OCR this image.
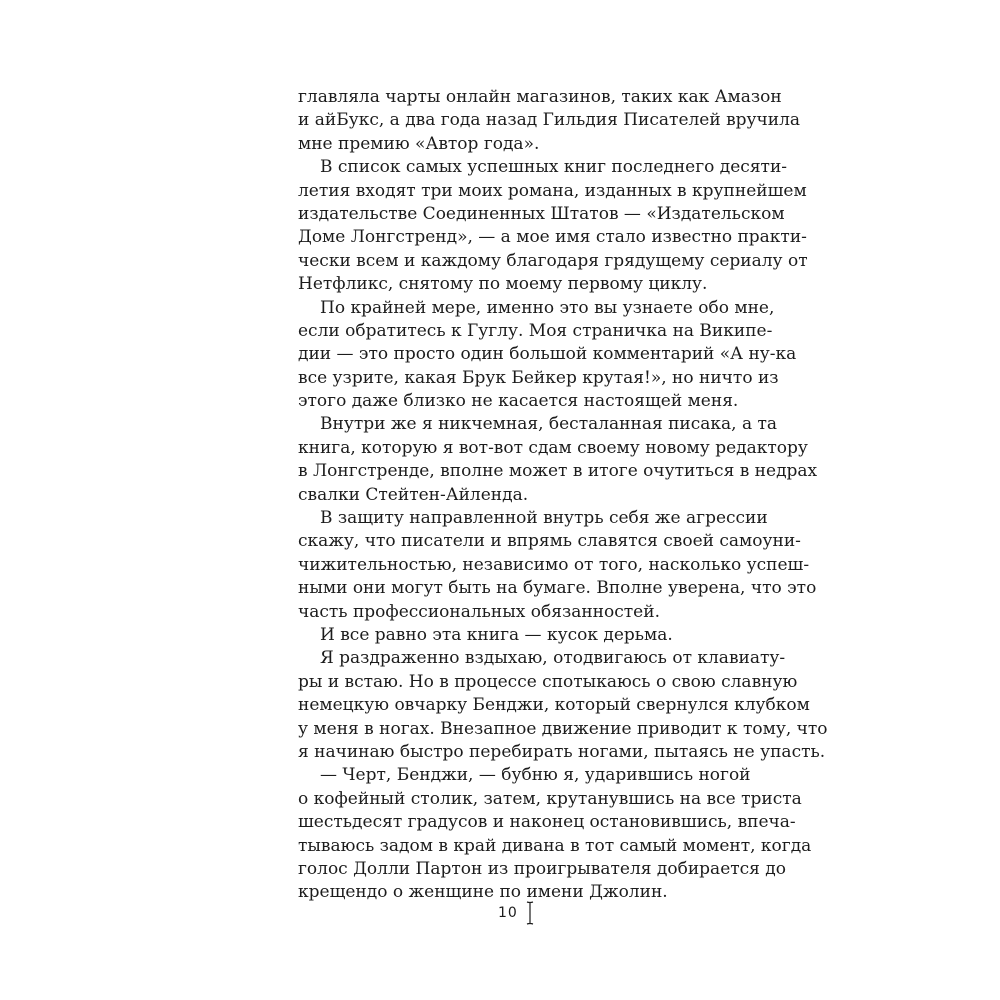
главляла чарты онлайн магазинов, таких как Амазон
и айБукс, а два года назад Гильдия Писателей вручила
мне премию «Автор года».
В список самых успешных книг последнего десяти-
летия входят три моих романа, изданных в крупнейшем
издательстве Соединенных Штатов — «Издательском
Доме Лонгстренд», — а мое имя стало известно практи-
чески всем и каждому благодаря грядущему сериалу от
Нетфликс, снятому по моему первому циклу.
По крайней мере, именно это вы узнаете обо мне,
если обратитесь к Гуглу. Моя страничка на Википе-
дии — это просто один большой комментарий «А ну-ка
все узрите, какая Брук Бейкер крутая!», но ничто из
этого даже близко не касается настоящей меня.
Внутри же я никчемная, бесталанная писака, а та
книга, которую я вот-вот сдам своему новому редактору
в Лонгстренде, вполне может в итоге очутиться в недрах
свалки Стейтен-Айленда.
В защиту направленной внутрь себя же агрессии
скажу, что писатели и впрямь славятся своей самоуни-
чижительностью, независимо от того, насколько успеш-
ными они могут быть на бумаге. Вполне уверена, что это
часть профессиональных обязанностей.
И все равно эта книга — кусок дерьма.
Я раздраженно вздыхаю, отодвигаюсь от клавиату-
ры и встаю. Но в процессе спотыкаюсь о свою славную
немецкую овчарку Бенджи, который свернулся клубком
у меня в ногах. Внезапное движение приводит к тому, что
я начинаю быстро перебирать ногами, пытаясь не упасть.
— Черт, Бенджи, — бубню я, ударившись ногой
о кофейный столик, затем, крутанувшись на все триста
шестьдесят градусов и наконец остановившись, впеча-
тываюсь задом в край дивана в тот самый момент, когда
голос Долли Партон из проигрывателя добирается до
крещендо о женщине по имени Джолин.
10
